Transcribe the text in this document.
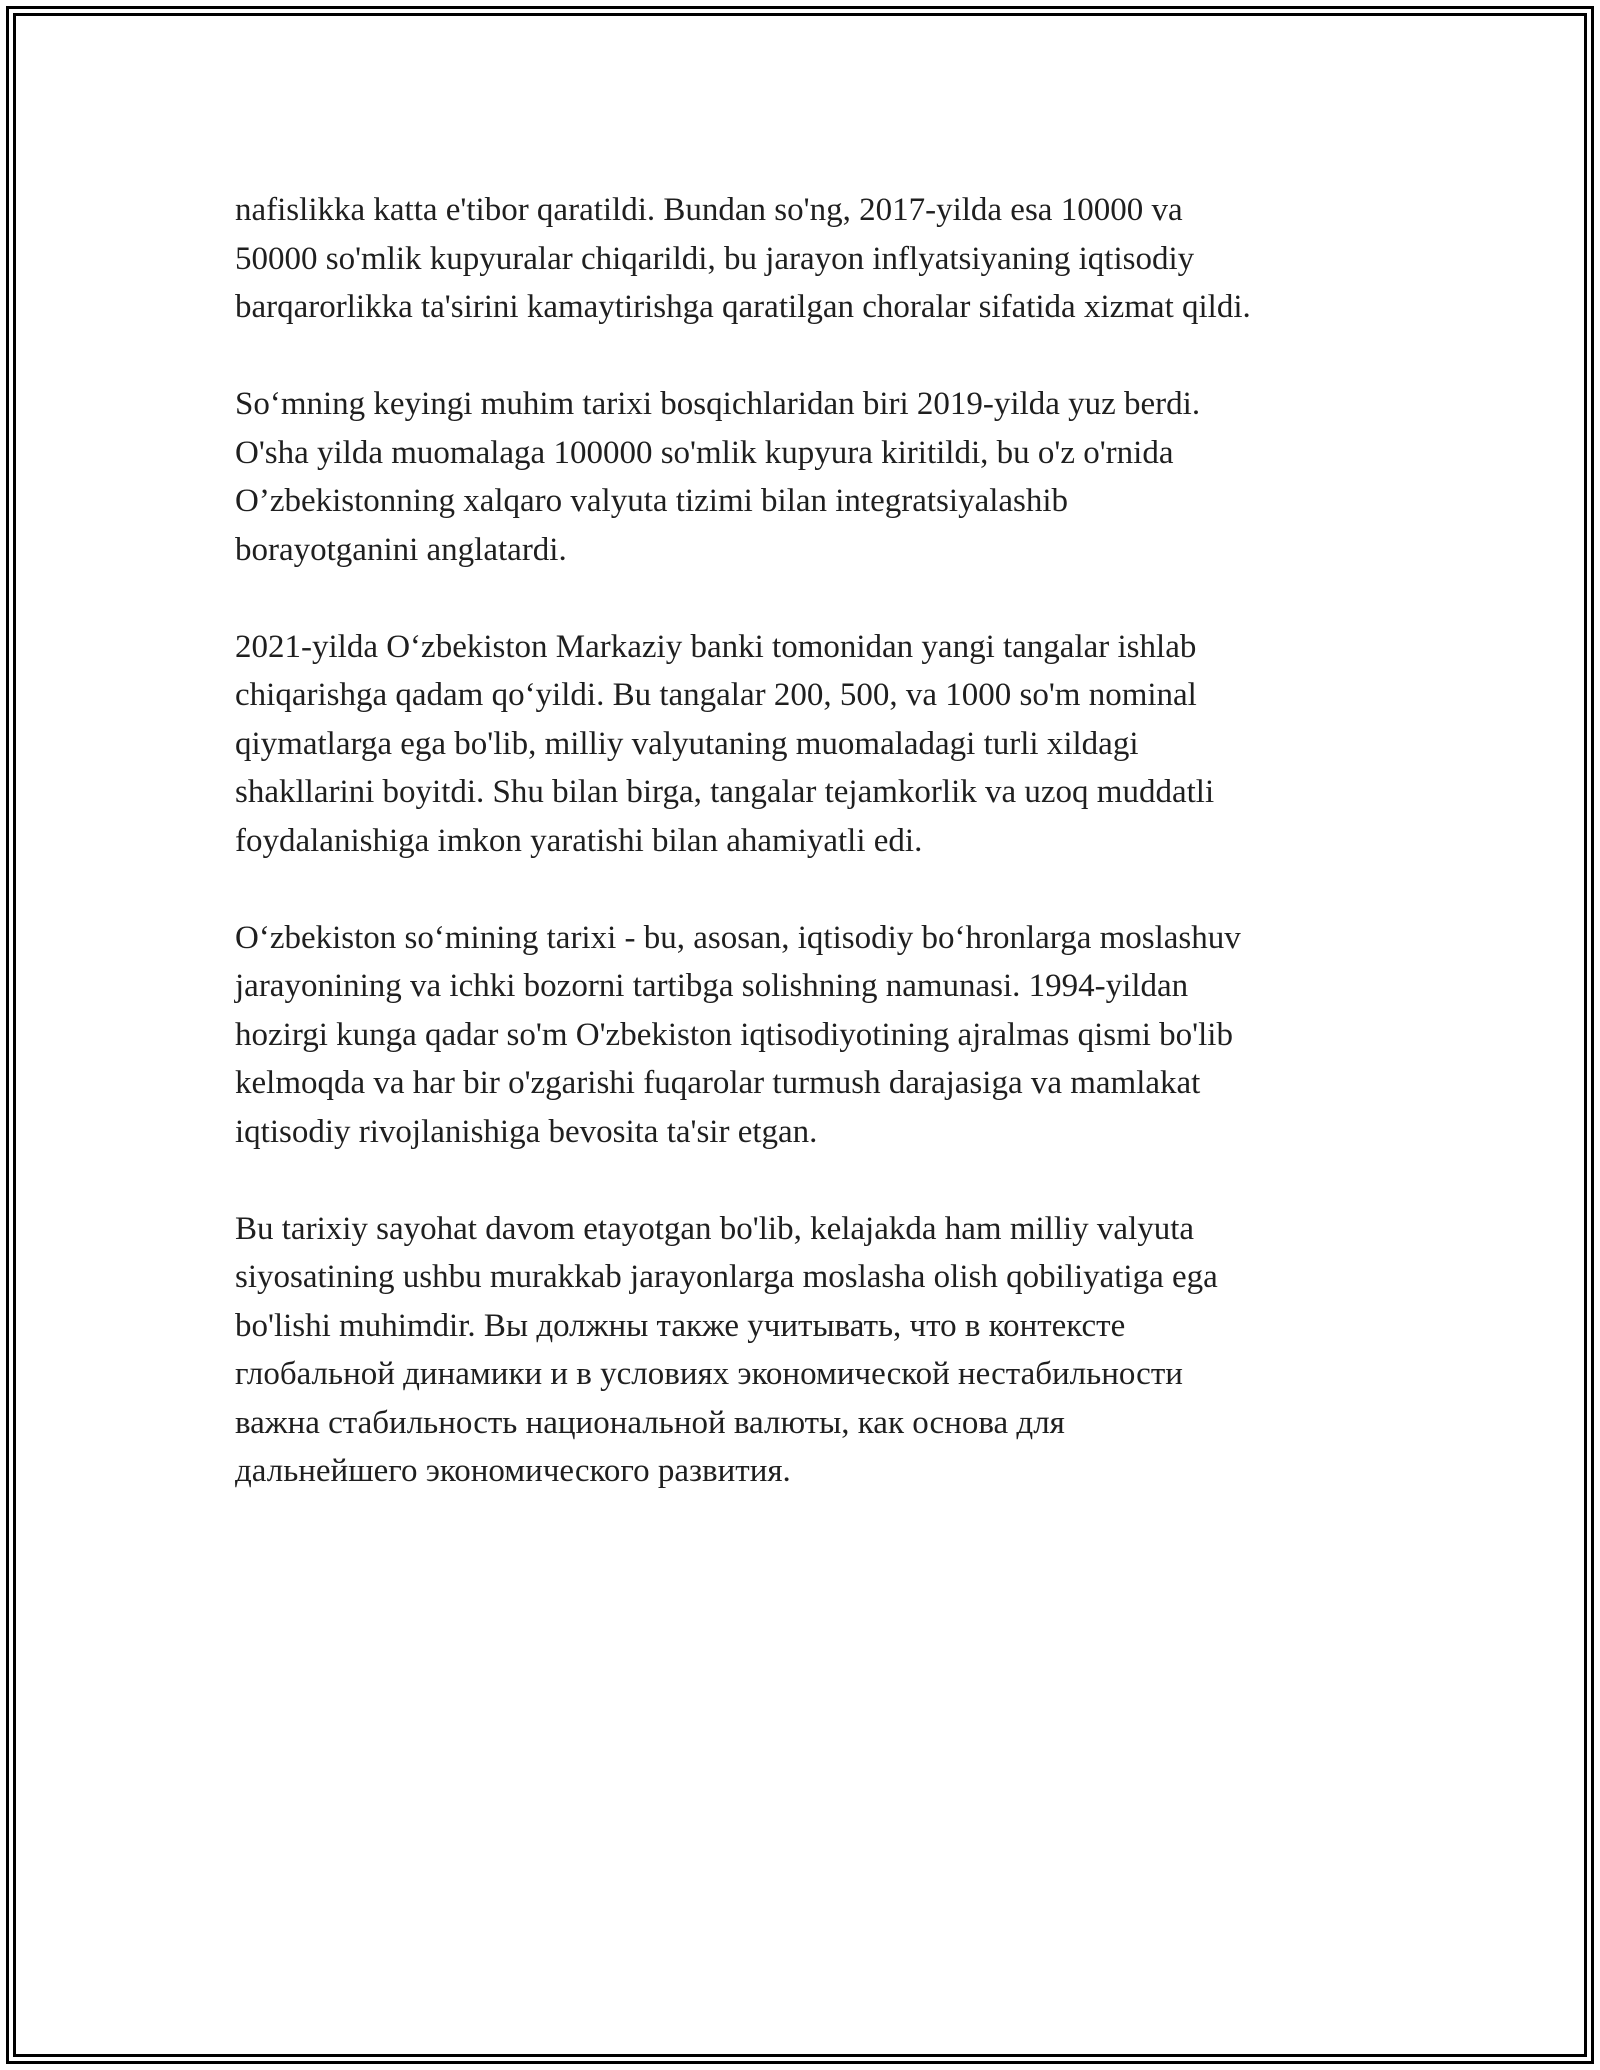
nafislikka katta e'tibor qaratildi. Bundan so'ng, 2017-yilda esa 10000 va
50000 so'mlik kupyuralar chiqarildi, bu jarayon inflyatsiyaning iqtisodiy
barqarorlikka ta'sirini kamaytirishga qaratilgan choralar sifatida xizmat qildi.

So‘mning keyingi muhim tarixi bosqichlaridan biri 2019-yilda yuz berdi.
O'sha yilda muomalaga 100000 so'mlik kupyura kiritildi, bu o'z o'rnida
O’zbekistonning xalqaro valyuta tizimi bilan integratsiyalashib
borayotganini anglatardi.

2021-yilda O‘zbekiston Markaziy banki tomonidan yangi tangalar ishlab
chiqarishga qadam qo‘yildi. Bu tangalar 200, 500, va 1000 so'm nominal
qiymatlarga ega bo'lib, milliy valyutaning muomaladagi turli xildagi
shakllarini boyitdi. Shu bilan birga, tangalar tejamkorlik va uzoq muddatli
foydalanishiga imkon yaratishi bilan ahamiyatli edi.

O‘zbekiston so‘mining tarixi - bu, asosan, iqtisodiy bo‘hronlarga moslashuv
jarayonining va ichki bozorni tartibga solishning namunasi. 1994-yildan
hozirgi kunga qadar so'm O'zbekiston iqtisodiyotining ajralmas qismi bo'lib
kelmoqda va har bir o'zgarishi fuqarolar turmush darajasiga va mamlakat
iqtisodiy rivojlanishiga bevosita ta'sir etgan.

Bu tarixiy sayohat davom etayotgan bo'lib, kelajakda ham milliy valyuta
siyosatining ushbu murakkab jarayonlarga moslasha olish qobiliyatiga ega
bo'lishi muhimdir. Вы должны также учитывать, что в контексте
глобальной динамики и в условиях экономической нестабильности
важна стабильность национальной валюты, как основа для
дальнейшего экономического развития.
